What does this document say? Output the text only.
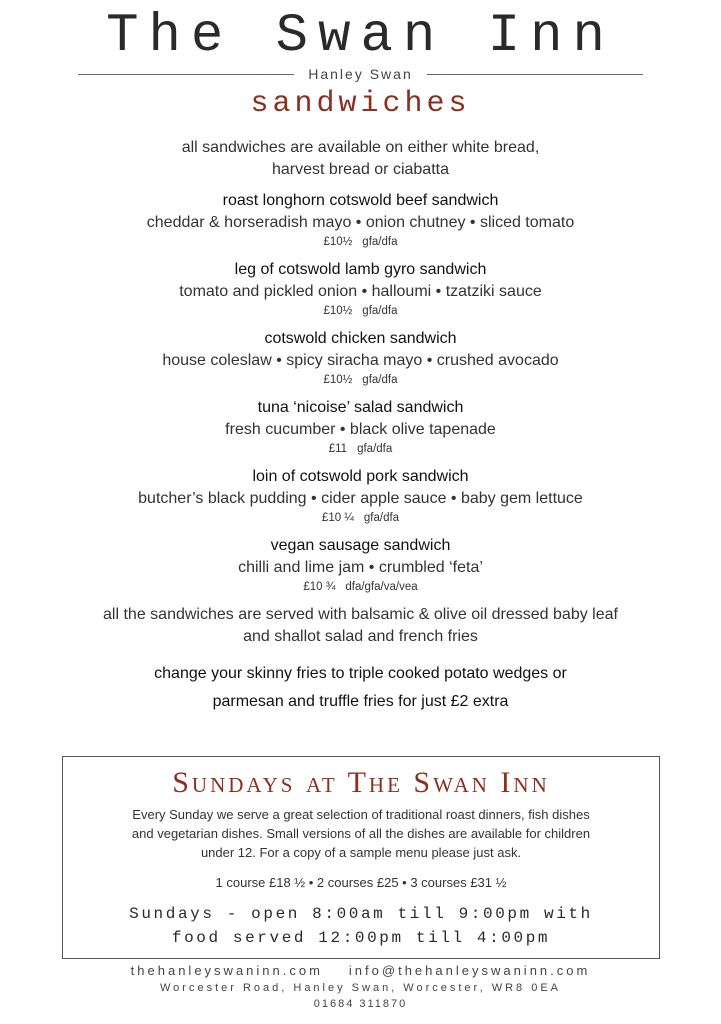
The Swan Inn
Hanley Swan
sandwiches
all sandwiches are available on either white bread,
harvest bread or ciabatta
roast longhorn cotswold beef sandwich
cheddar & horseradish mayo • onion chutney • sliced tomato
£10½ gfa/dfa
leg of cotswold lamb gyro sandwich
tomato and pickled onion • halloumi • tzatziki sauce
£10½ gfa/dfa
cotswold chicken sandwich
house coleslaw • spicy siracha mayo • crushed avocado
£10½ gfa/dfa
tuna ‘nicoise’ salad sandwich
fresh cucumber • black olive tapenade
£11 gfa/dfa
loin of cotswold pork sandwich
butcher’s black pudding • cider apple sauce • baby gem lettuce
£10 ¼ gfa/dfa
vegan sausage sandwich
chilli and lime jam • crumbled ‘feta’
£10 ¾ dfa/gfa/va/vea
all the sandwiches are served with balsamic & olive oil dressed baby leaf
and shallot salad and french fries
change your skinny fries to triple cooked potato wedges or
parmesan and truffle fries for just £2 extra
Sundays at The Swan Inn
Every Sunday we serve a great selection of traditional roast dinners, fish dishes
and vegetarian dishes. Small versions of all the dishes are available for children
under 12. For a copy of a sample menu please just ask.
1 course £18 ½ • 2 courses £25 • 3 courses £31 ½
Sundays - open 8:00am till 9:00pm with
food served 12:00pm till 4:00pm
thehanleyswaninn.com info@thehanleyswaninn.com
Worcester Road, Hanley Swan, Worcester, WR8 0EA
01684 311870
